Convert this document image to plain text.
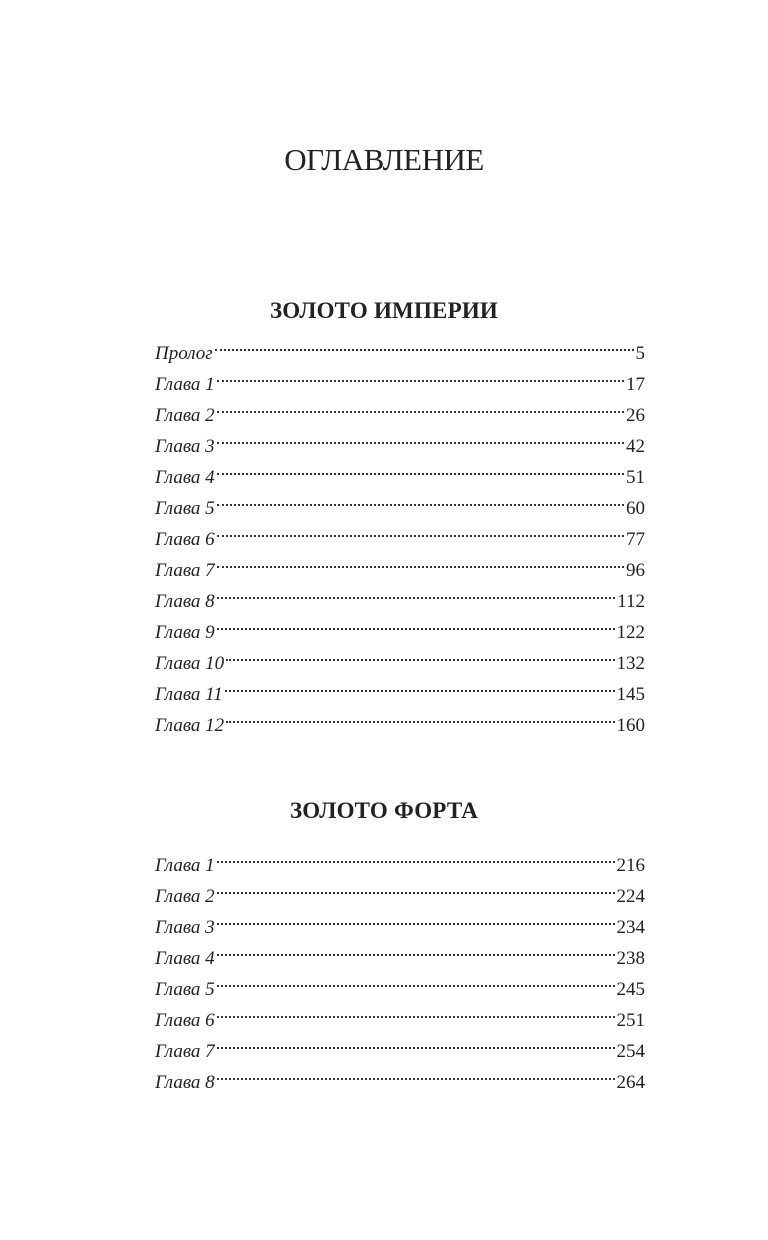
ОГЛАВЛЕНИЕ
ЗОЛОТО ИМПЕРИИ
Пролог	5
Глава 1	17
Глава 2	26
Глава 3	42
Глава 4	51
Глава 5	60
Глава 6	77
Глава 7	96
Глава 8	112
Глава 9	122
Глава 10	132
Глава 11	145
Глава 12	160
ЗОЛОТО ФОРТА
Глава 1	216
Глава 2	224
Глава 3	234
Глава 4	238
Глава 5	245
Глава 6	251
Глава 7	254
Глава 8	264
